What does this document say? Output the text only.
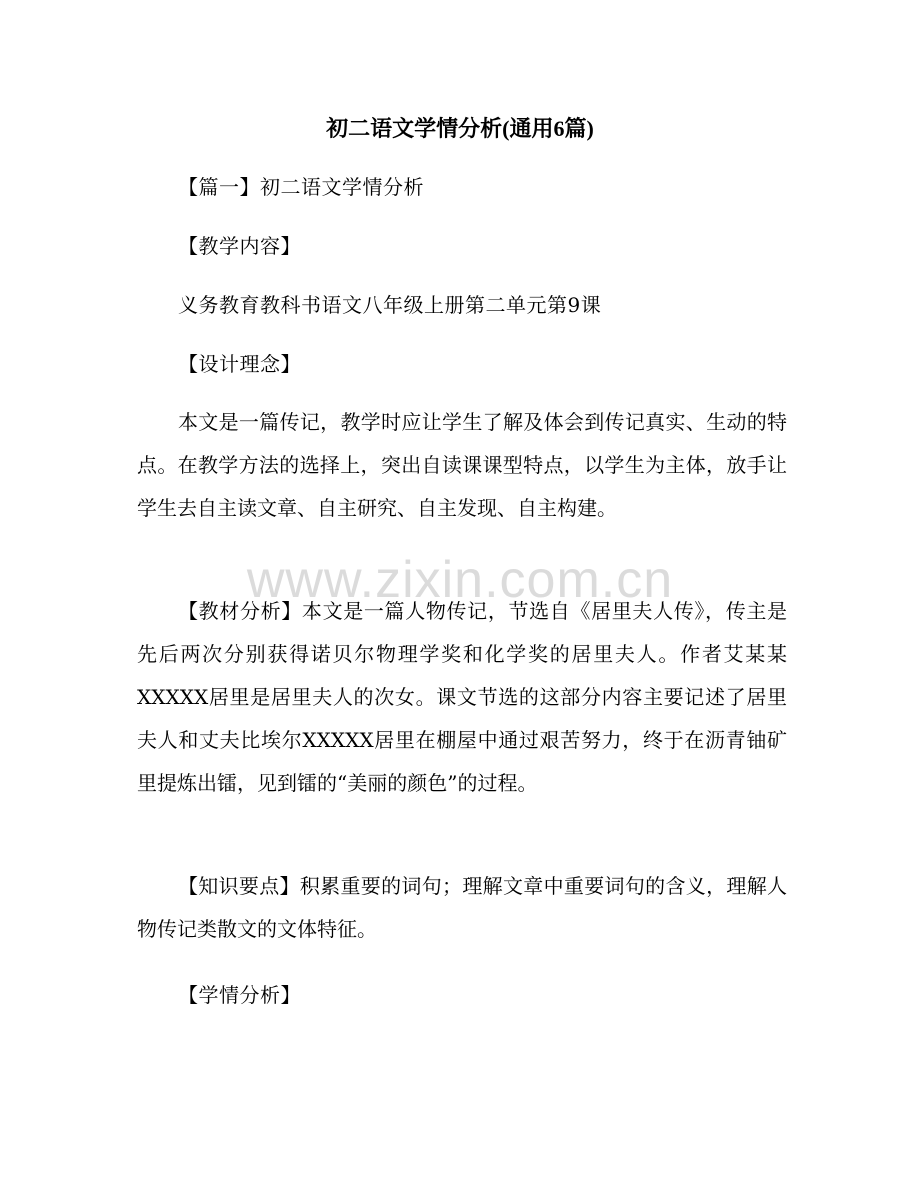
初二语文学情分析(通用6篇)
【篇一】初二语文学情分析
【教学内容】
义务教育教科书语文八年级上册第二单元第9课
【设计理念】
本文是一篇传记，教学时应让学生了解及体会到传记真实、生动的特点。在教学方法的选择上，突出自读课课型特点，以学生为主体，放手让学生去自主读文章、自主研究、自主发现、自主构建。
【教材分析】本文是一篇人物传记，节选自《居里夫人传》，传主是先后两次分别获得诺贝尔物理学奖和化学奖的居里夫人。作者艾某某XXXXX居里是居里夫人的次女。课文节选的这部分内容主要记述了居里夫人和丈夫比埃尔XXXXX居里在棚屋中通过艰苦努力，终于在沥青铀矿里提炼出镭，见到镭的“美丽的颜色”的过程。
【知识要点】积累重要的词句；理解文章中重要词句的含义，理解人物传记类散文的文体特征。
【学情分析】
www.zixin.com.cn
